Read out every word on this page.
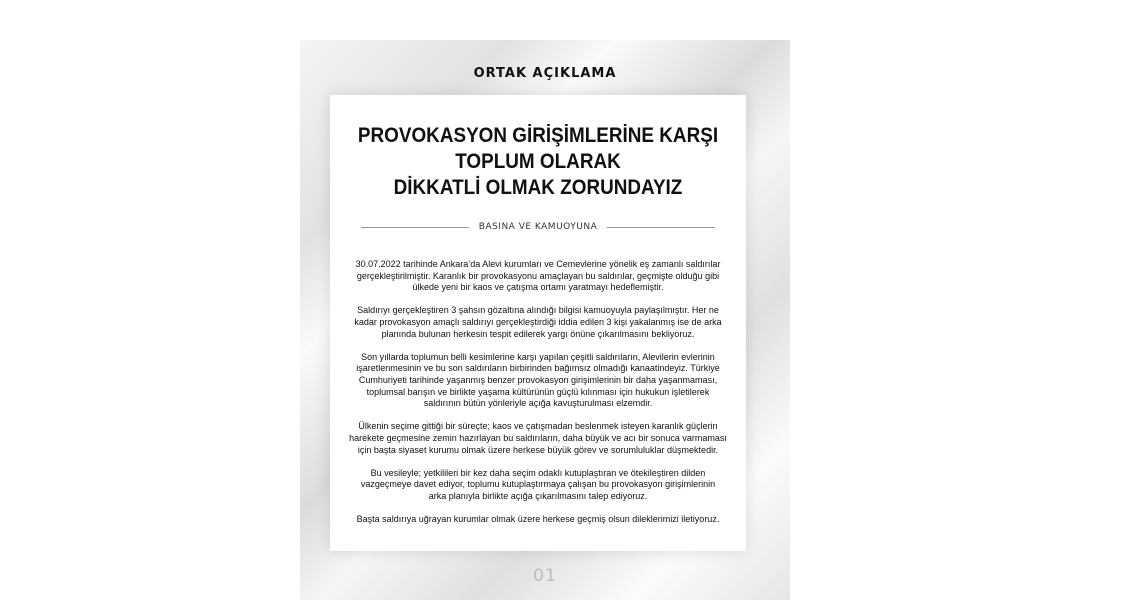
ORTAK AÇIKLAMA
PROVOKASYON GİRİŞİMLERİNE KARŞI
TOPLUM OLARAK
DİKKATLİ OLMAK ZORUNDAYIZ
BASINA VE KAMUOYUNA

30.07.2022 tarihinde Ankara’da Alevi kurumları ve Cemevlerine yönelik eş zamanlı saldırılar
gerçekleştirilmiştir. Karanlık bir provokasyonu amaçlayan bu saldırılar, geçmişte olduğu gibi
ülkede yeni bir kaos ve çatışma ortamı yaratmayı hedeflemiştir.

Saldırıyı gerçekleştiren 3 şahsın gözaltına alındığı bilgisi kamuoyuyla paylaşılmıştır. Her ne
kadar provokasyon amaçlı saldırıyı gerçekleştirdiği iddia edilen 3 kişi yakalanmış ise de arka
planında bulunan herkesin tespit edilerek yargı önüne çıkarılmasını bekliyoruz.

Son yıllarda toplumun belli kesimlerine karşı yapılan çeşitli saldırıların, Alevilerin evlerinin
işaretlenmesinin ve bu son saldırıların birbirinden bağımsız olmadığı kanaatindeyiz. Türkiye
Cumhuriyeti tarihinde yaşanmış benzer provokasyon girişimlerinin bir daha yaşanmaması,
toplumsal barışın ve birlikte yaşama kültürünün güçlü kılınması için hukukun işletilerek
saldırının bütün yönleriyle açığa kavuşturulması elzemdir.

Ülkenin seçime gittiği bir süreçte; kaos ve çatışmadan beslenmek isteyen karanlık güçlerin
harekete geçmesine zemin hazırlayan bu saldırıların, daha büyük ve acı bir sonuca varmaması
için başta siyaset kurumu olmak üzere herkese büyük görev ve sorumluluklar düşmektedir.

Bu vesileyle; yetkilileri bir kez daha seçim odaklı kutuplaştıran ve ötekileştiren dilden
vazgeçmeye davet ediyor, toplumu kutuplaştırmaya çalışan bu provokasyon girişimlerinin
arka planıyla birlikte açığa çıkarılmasını talep ediyoruz.

Başta saldırıya uğrayan kurumlar olmak üzere herkese geçmiş olsun dileklerimizi iletiyoruz.

01
